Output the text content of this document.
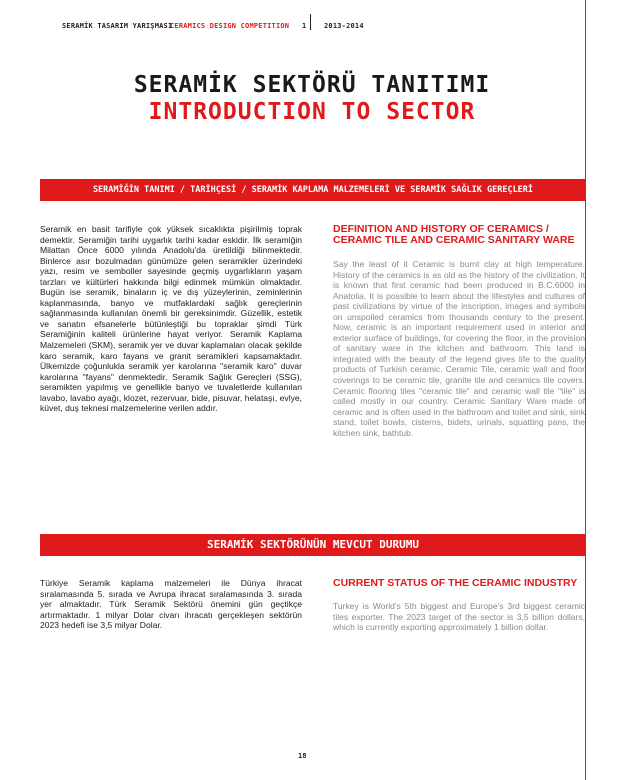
SERAMİK TASARIM YARIŞMASI
CERAMICS DESIGN COMPETITION 1	2013-2014
SERAMİK SEKTÖRÜ TANITIMI
INTRODUCTION TO SECTOR
SERAMİĞİN TANIMI / TARİHÇESİ / SERAMİK KAPLAMA MALZEMELERİ VE SERAMİK SAĞLIK GEREÇLERİ

Seramik en basit tarifiyle çok yüksek sıcaklıkta pişirilmiş toprak demektir. Seramiğin tarihi uygarlık tarihi kadar eskidir. İlk seramiğin Milattan Önce 6000 yılında Anadolu'da üretildiği bilinmektedir. Binlerce asır bozulmadan günümüze gelen seramikler üzerindeki yazı, resim ve semboller sayesinde geçmiş uygarlıkların yaşam tarzları ve kültürleri hakkında bilgi edinmek mümkün olmaktadır. Bugün ise seramik, binaların iç ve dış yüzeylerinin, zeminlerinin kaplanmasında, banyo ve mutfaklardaki sağlık gereçlerinin sağlanmasında kullanılan önemli bir gereksinimdir. Güzellik, estetik ve sanatın efsanelerle bütünleştiği bu topraklar şimdi Türk Seramiğinin kaliteli ürünlerine hayat veriyor. Seramik Kaplama Malzemeleri (SKM), seramik yer ve duvar kaplamaları olacak şekilde karo seramik, karo fayans ve granit seramikleri kapsamaktadır. Ülkemizde çoğunlukla seramik yer karolarına "seramik karo" duvar karolarına "fayans" denmektedir. Seramik Sağlık Gereçleri (SSG), seramikten yapılmış ve genellikle banyo ve tuvaletlerde kullanılan lavabo, lavabo ayağı, klozet, rezervuar, bide, pisuvar, helataşı, evlye, küvet, duş teknesi malzemelerine verilen addır.

DEFINITION AND HISTORY OF CERAMICS / CERAMIC TILE AND CERAMIC SANITARY WARE

Say the least of it Ceramic is burnt clay at high temperature. History of the ceramics is as old as the history of the civilization. It is known that first ceramic had been produced in B.C.6000 in Anatolia. It is possible to learn about the lifestyles and cultures of past civilizations by virtue of the inscription, images and symbols on unspoiled ceramics from thousands century to the present. Now, ceramic is an important requirement used in interior and exterior surface of buildings, for covering the floor, in the provision of sanitary ware in the kitchen and bathroom. This land is integrated with the beauty of the legend gives life to the quality products of Turkish ceramic. Ceramic Tile, ceramic wall and floor coverings to be ceramic tile, granite tile and ceramics tile covers. Ceramic flooring tiles "ceramic tile" and ceramic wall tile "tile" is called mostly in our country. Ceramic Sanitary Ware made of ceramic and is often used in the bathroom and toilet and sink, sink stand, toilet bowls, cisterns, bidets, urinals, squatting pans, the kitchen sink, bathtub.

SERAMİK SEKTÖRÜNÜN MEVCUT DURUMU

Türkiye Seramik kaplama malzemeleri ile Dünya ihracat sıralamasında 5. sırada ve Avrupa ihracat sıralamasında 3. sırada yer almaktadır. Türk Seramik Sektörü önemini gün geçtikçe artırmaktadır. 1 milyar Dolar civarı ihracatı gerçekleşen sektörün 2023 hedefi ise 3,5 milyar Dolar.

CURRENT STATUS OF THE CERAMIC INDUSTRY

Turkey is World's 5th biggest and Europe's 3rd biggest ceramic tiles exporter. The 2023 target of the sector is 3,5 billion dollars, which is currently exporting approximately 1 billion dollar.

18
